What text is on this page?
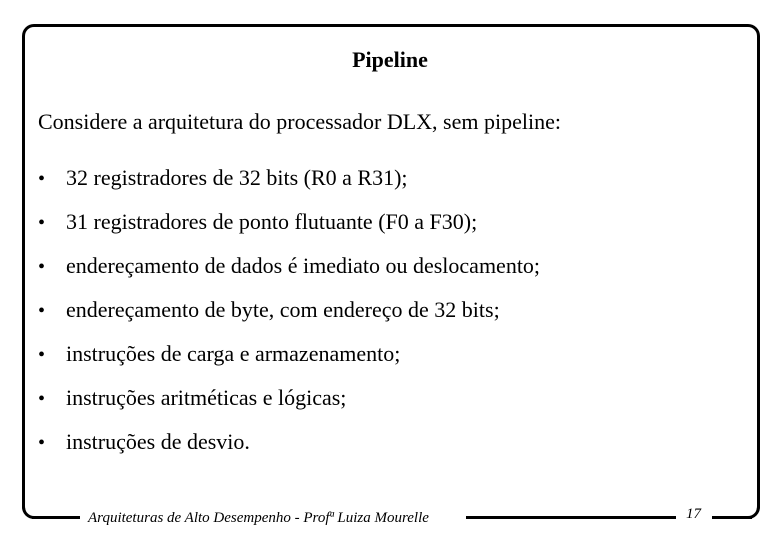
Pipeline
Considere a arquitetura do processador DLX, sem pipeline:
• 32 registradores de 32 bits (R0 a R31);
• 31 registradores de ponto flutuante (F0 a F30);
• endereçamento de dados é imediato ou deslocamento;
• endereçamento de byte, com endereço de 32 bits;
• instruções de carga e armazenamento;
• instruções aritméticas e lógicas;
• instruções de desvio.
Arquiteturas de Alto Desempenho - Profª Luiza Mourelle	17
